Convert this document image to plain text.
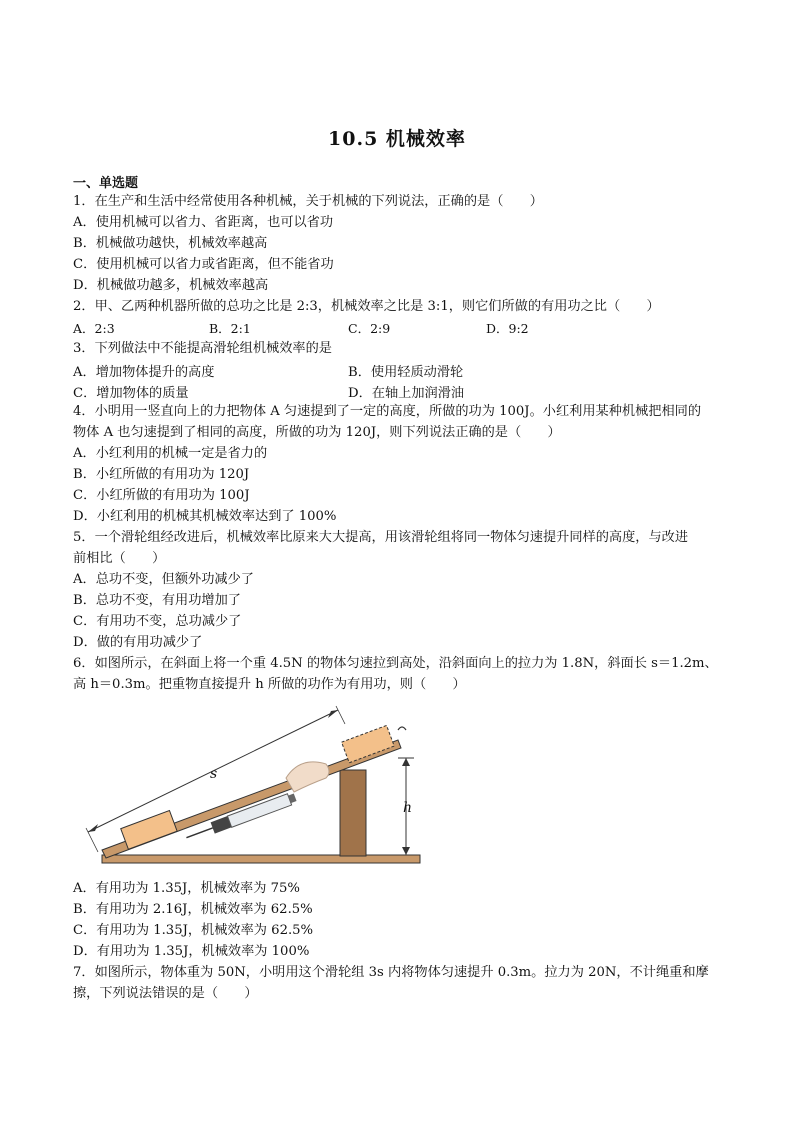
10.5 机械效率
一、单选题
1．在生产和生活中经常使用各种机械，关于机械的下列说法，正确的是（　　）
A．使用机械可以省力、省距离，也可以省功
B．机械做功越快，机械效率越高
C．使用机械可以省力或省距离，但不能省功
D．机械做功越多，机械效率越高
2．甲、乙两种机器所做的总功之比是 2:3，机械效率之比是 3:1，则它们所做的有用功之比（　　）
A．2:3	B．2:1	C．2:9	D．9:2
3．下列做法中不能提高滑轮组机械效率的是
A．增加物体提升的高度	B．使用轻质动滑轮
C．增加物体的质量	D．在轴上加润滑油
4．小明用一竖直向上的力把物体 A 匀速提到了一定的高度，所做的功为 100J。小红利用某种机械把相同的
物体 A 也匀速提到了相同的高度，所做的功为 120J，则下列说法正确的是（　　）
A．小红利用的机械一定是省力的
B．小红所做的有用功为 120J
C．小红所做的有用功为 100J
D．小红利用的机械其机械效率达到了 100%
5．一个滑轮组经改进后，机械效率比原来大大提高，用该滑轮组将同一物体匀速提升同样的高度，与改进
前相比（　　）
A．总功不变，但额外功减少了
B．总功不变，有用功增加了
C．有用功不变，总功减少了
D．做的有用功减少了
6．如图所示，在斜面上将一个重 4.5N 的物体匀速拉到高处，沿斜面向上的拉力为 1.8N，斜面长 s＝1.2m、
高 h＝0.3m。把重物直接提升 h 所做的功作为有用功，则（　　）
s
h
A．有用功为 1.35J，机械效率为 75%
B．有用功为 2.16J，机械效率为 62.5%
C．有用功为 1.35J，机械效率为 62.5%
D．有用功为 1.35J，机械效率为 100%
7．如图所示，物体重为 50N，小明用这个滑轮组 3s 内将物体匀速提升 0.3m。拉力为 20N，不计绳重和摩
擦，下列说法错误的是（　　）
